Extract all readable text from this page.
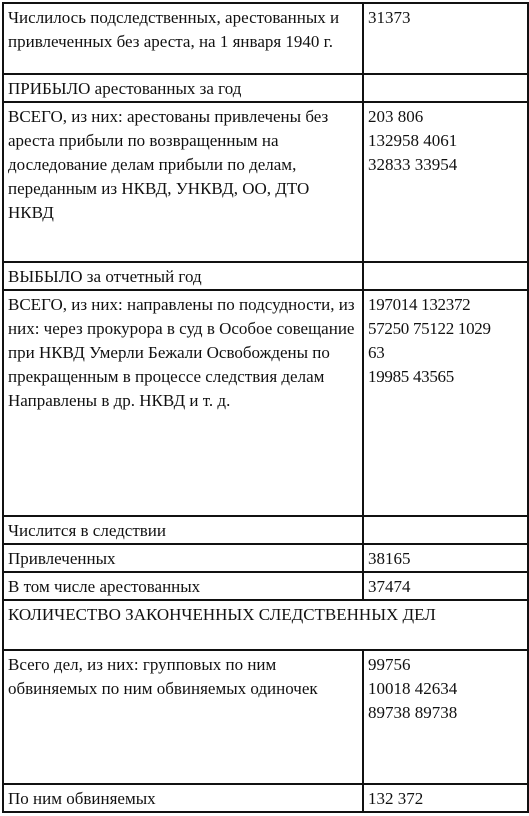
Числилось подследственных, арестованных и привлеченных без ареста, на 1 января 1940 г.	31373

ПРИБЫЛО арестованных за год	
ВСЕГО, из них: арестованы привлечены без ареста прибыли по возвращенным на доследование делам прибыли по делам, переданным из НКВД, УНКВД, ОО, ДТО НКВД	203 806
132958 4061
32833 33954

ВЫБЫЛО за отчетный год	
ВСЕГО, из них: направлены по подсудности, из них: через прокурора в суд в Особое совещание при НКВД Умерли Бежали Освобождены по прекращенным в процессе следствия делам Направлены в др. НКВД и т. д.	197014 132372
57250 75122 1029
63
19985 43565

Числится в следствии	
Привлеченных	38165

В том числе арестованных	37474

КОЛИЧЕСТВО ЗАКОНЧЕННЫХ СЛЕДСТВЕННЫХ ДЕЛ	
Всего дел, из них: групповых по ним обвиняемых по ним обвиняемых одиночек	99756
10018 42634
89738 89738

По ним обвиняемых	132 372
